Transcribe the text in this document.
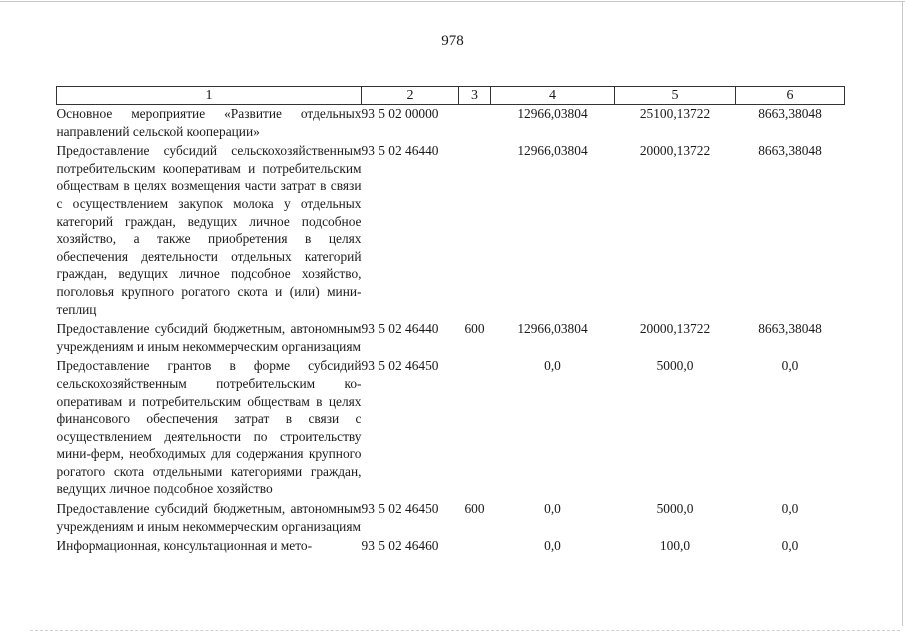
978
1	2	3	4	5	6
Основное мероприятие «Развитие отдельных направлений сельской кооперации»	93 5 02 00000		12966,03804	25100,13722	8663,38048
Предоставление субсидий сельскохозяйственным потребительским кооперативам и потребительским обществам в целях возмещения части затрат в связи с осуществлением закупок молока у отдельных категорий граждан, ведущих личное подсобное хозяйство, а также приобретения в целях обеспечения деятельности отдельных категорий граждан, ведущих личное подсобное хозяйство, поголовья крупного рогатого скота и (или) мини-теплиц	93 5 02 46440		12966,03804	20000,13722	8663,38048
Предоставление субсидий бюджетным, автономным учреждениям и иным некоммерческим организациям	93 5 02 46440	600	12966,03804	20000,13722	8663,38048
Предоставление грантов в форме субсидий сельскохозяйственным потребительским кооперативам и потребительским обществам в целях финансового обеспечения затрат в связи с осуществлением деятельности по строительству мини-ферм, необходимых для содержания крупного рогатого скота отдельными категориями граждан, ведущих личное подсобное хозяйство	93 5 02 46450		0,0	5000,0	0,0
Предоставление субсидий бюджетным, автономным учреждениям и иным некоммерческим организациям	93 5 02 46450	600	0,0	5000,0	0,0
Информационная, консультационная и мето-	93 5 02 46460		0,0	100,0	0,0
